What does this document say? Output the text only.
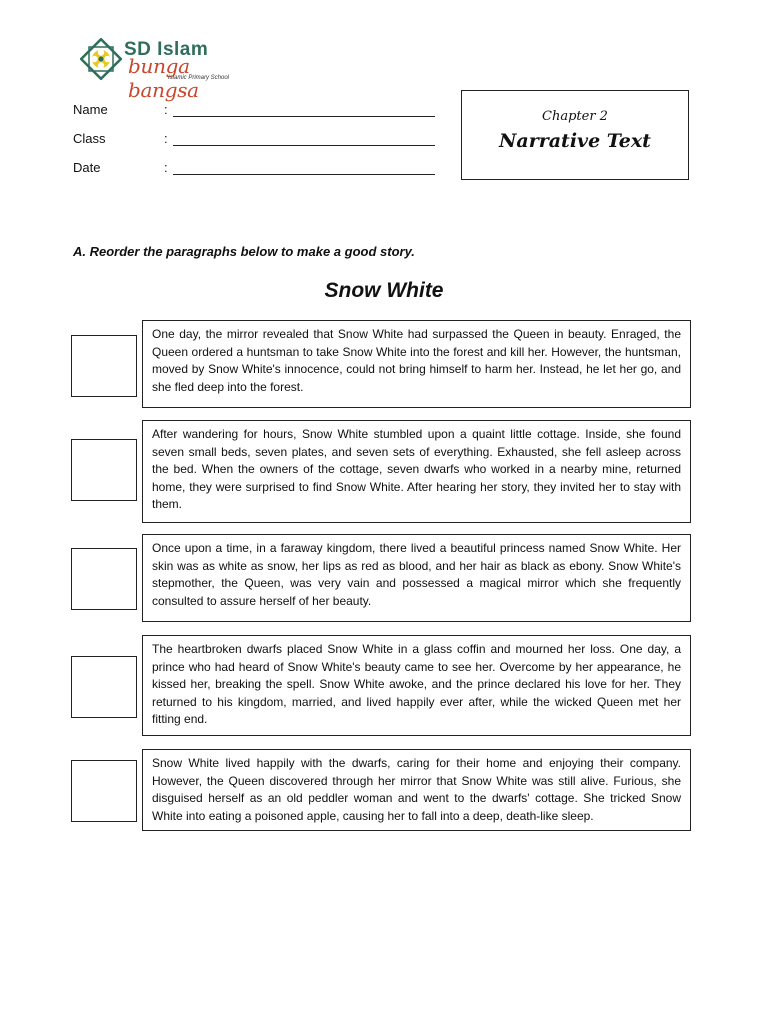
SD Islam
bunga bangsa
Islamic Primary School
Name	:
Class	:
Date	:
Chapter 2
Narrative Text
A. Reorder the paragraphs below to make a good story.
Snow White
One day, the mirror revealed that Snow White had surpassed the Queen in beauty. Enraged, the Queen ordered a huntsman to take Snow White into the forest and kill her. However, the huntsman, moved by Snow White's innocence, could not bring himself to harm her. Instead, he let her go, and she fled deep into the forest.
After wandering for hours, Snow White stumbled upon a quaint little cottage. Inside, she found seven small beds, seven plates, and seven sets of everything. Exhausted, she fell asleep across the bed. When the owners of the cottage, seven dwarfs who worked in a nearby mine, returned home, they were surprised to find Snow White. After hearing her story, they invited her to stay with them.
Once upon a time, in a faraway kingdom, there lived a beautiful princess named Snow White. Her skin was as white as snow, her lips as red as blood, and her hair as black as ebony. Snow White's stepmother, the Queen, was very vain and possessed a magical mirror which she frequently consulted to assure herself of her beauty.
The heartbroken dwarfs placed Snow White in a glass coffin and mourned her loss. One day, a prince who had heard of Snow White's beauty came to see her. Overcome by her appearance, he kissed her, breaking the spell. Snow White awoke, and the prince declared his love for her. They returned to his kingdom, married, and lived happily ever after, while the wicked Queen met her fitting end.
Snow White lived happily with the dwarfs, caring for their home and enjoying their company. However, the Queen discovered through her mirror that Snow White was still alive. Furious, she disguised herself as an old peddler woman and went to the dwarfs' cottage. She tricked Snow White into eating a poisoned apple, causing her to fall into a deep, death-like sleep.
